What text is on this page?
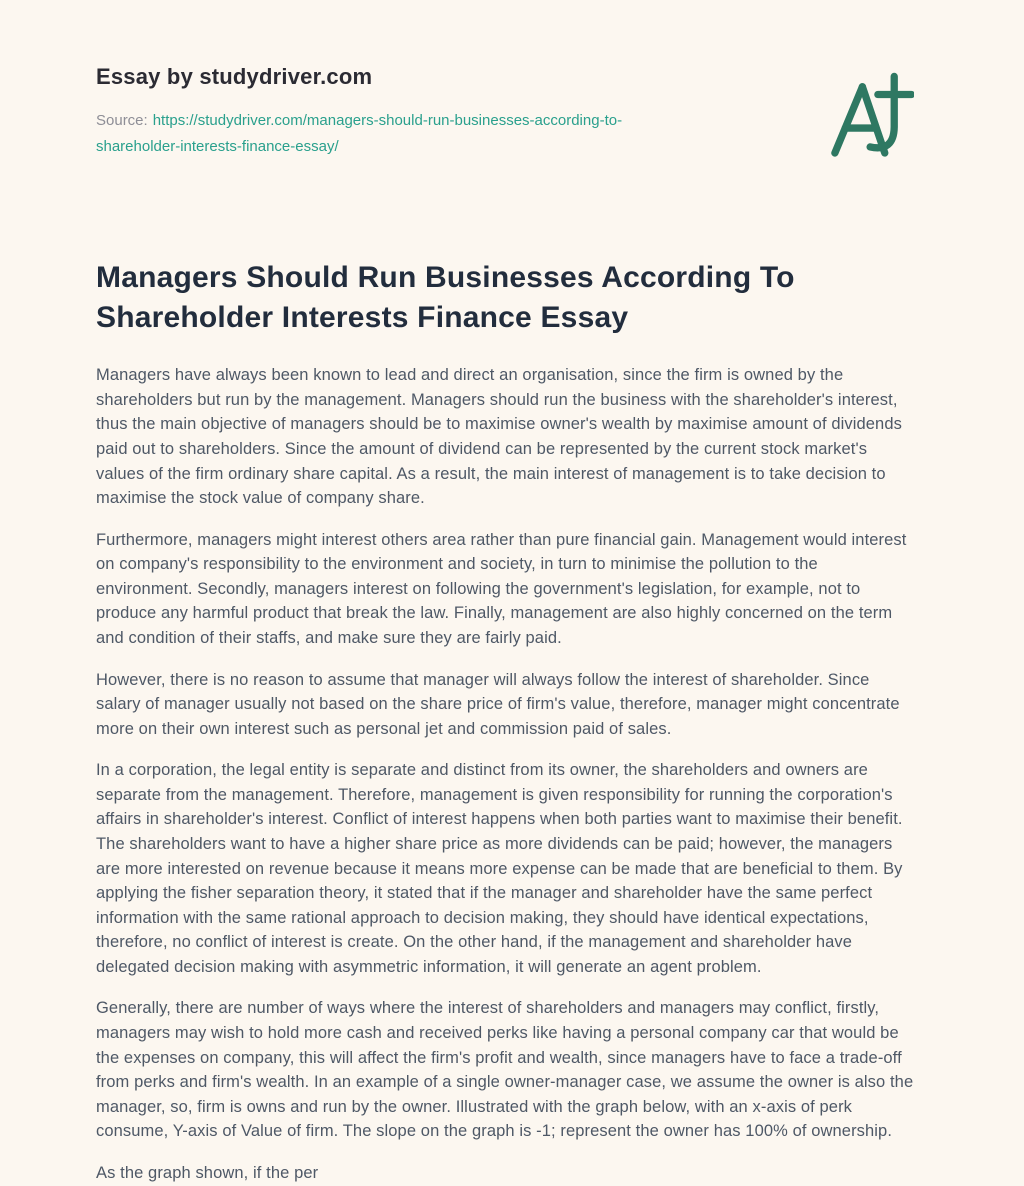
Essay by studydriver.com

Source: https://studydriver.com/managers-should-run-businesses-according-to-shareholder-interests-finance-essay/

Managers Should Run Businesses According To Shareholder Interests Finance Essay

Managers have always been known to lead and direct an organisation, since the firm is owned by the shareholders but run by the management. Managers should run the business with the shareholder's interest, thus the main objective of managers should be to maximise owner's wealth by maximise amount of dividends paid out to shareholders. Since the amount of dividend can be represented by the current stock market's values of the firm ordinary share capital. As a result, the main interest of management is to take decision to maximise the stock value of company share.

Furthermore, managers might interest others area rather than pure financial gain. Management would interest on company's responsibility to the environment and society, in turn to minimise the pollution to the environment. Secondly, managers interest on following the government's legislation, for example, not to produce any harmful product that break the law. Finally, management are also highly concerned on the term and condition of their staffs, and make sure they are fairly paid.

However, there is no reason to assume that manager will always follow the interest of shareholder. Since salary of manager usually not based on the share price of firm's value, therefore, manager might concentrate more on their own interest such as personal jet and commission paid of sales.

In a corporation, the legal entity is separate and distinct from its owner, the shareholders and owners are separate from the management. Therefore, management is given responsibility for running the corporation's affairs in shareholder's interest. Conflict of interest happens when both parties want to maximise their benefit. The shareholders want to have a higher share price as more dividends can be paid; however, the managers are more interested on revenue because it means more expense can be made that are beneficial to them. By applying the fisher separation theory, it stated that if the manager and shareholder have the same perfect information with the same rational approach to decision making, they should have identical expectations, therefore, no conflict of interest is create. On the other hand, if the management and shareholder have delegated decision making with asymmetric information, it will generate an agent problem.

Generally, there are number of ways where the interest of shareholders and managers may conflict, firstly, managers may wish to hold more cash and received perks like having a personal company car that would be the expenses on company, this will affect the firm's profit and wealth, since managers have to face a trade-off from perks and firm's wealth. In an example of a single owner-manager case, we assume the owner is also the manager, so, firm is owns and run by the owner. Illustrated with the graph below, with an x-axis of perk consume, Y-axis of Value of firm. The slope on the graph is -1; represent the owner has 100% of ownership.

As the graph shown, if the per
